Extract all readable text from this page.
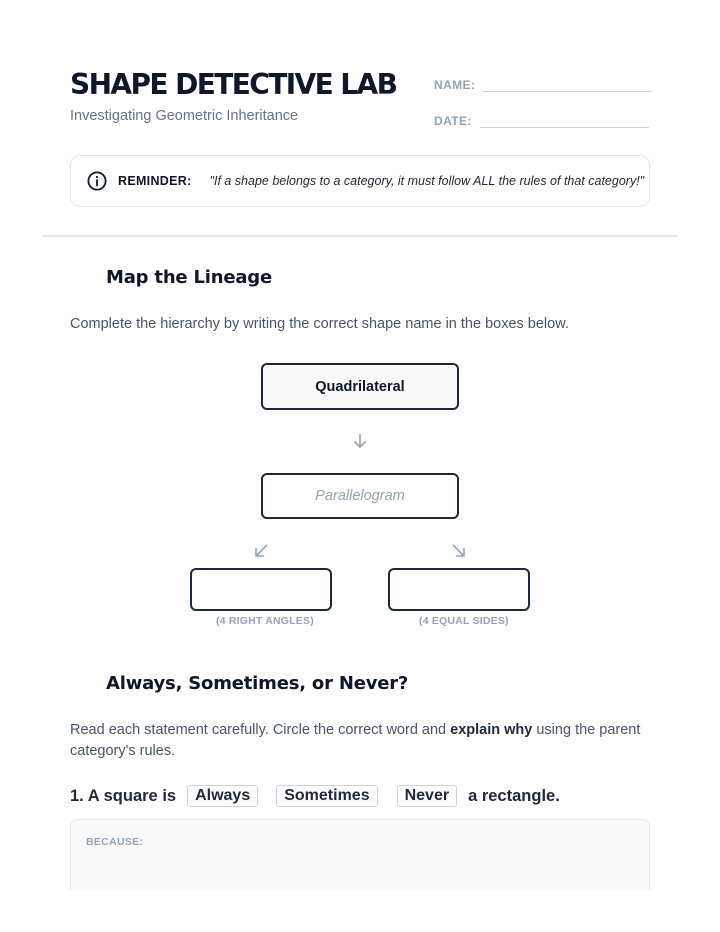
SHAPE DETECTIVE LAB
Investigating Geometric Inheritance
NAME:
DATE:
REMINDER: "If a shape belongs to a category, it must follow ALL the rules of that category!"
Map the Lineage
Complete the hierarchy by writing the correct shape name in the boxes below.
Quadrilateral
Parallelogram
(4 RIGHT ANGLES)	(4 EQUAL SIDES)
Always, Sometimes, or Never?
Read each statement carefully. Circle the correct word and explain why using the parent category's rules.
1. A square is	Always	Sometimes	Never	a rectangle.
BECAUSE:
